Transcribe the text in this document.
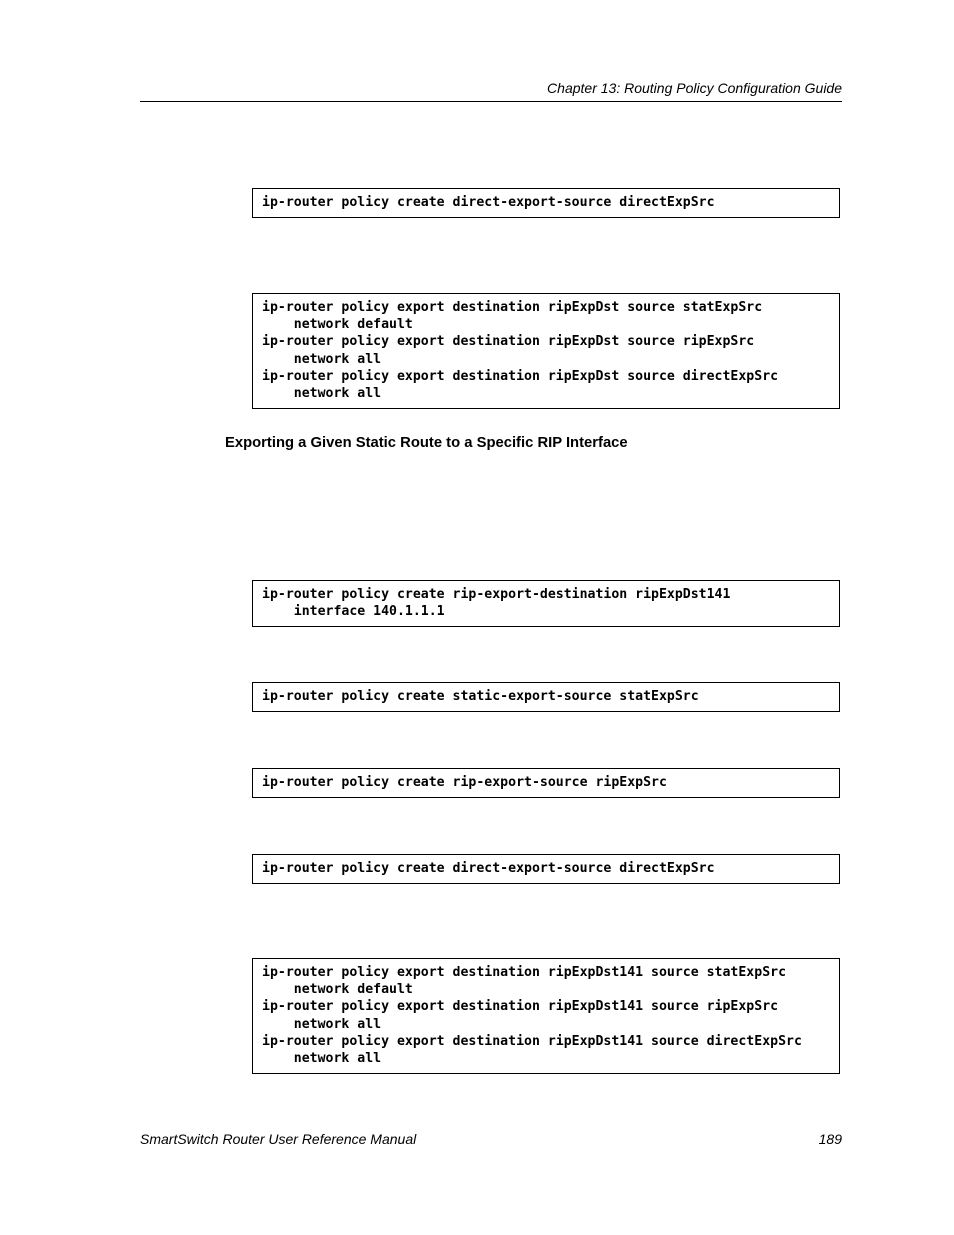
Chapter 13: Routing Policy Configuration Guide
ip-router policy create direct-export-source directExpSrc
ip-router policy export destination ripExpDst source statExpSrc
network default
ip-router policy export destination ripExpDst source ripExpSrc
network all
ip-router policy export destination ripExpDst source directExpSrc
network all
Exporting a Given Static Route to a Specific RIP Interface
ip-router policy create rip-export-destination ripExpDst141
interface 140.1.1.1
ip-router policy create static-export-source statExpSrc
ip-router policy create rip-export-source ripExpSrc
ip-router policy create direct-export-source directExpSrc
ip-router policy export destination ripExpDst141 source statExpSrc
network default
ip-router policy export destination ripExpDst141 source ripExpSrc
network all
ip-router policy export destination ripExpDst141 source directExpSrc
network all
SmartSwitch Router User Reference Manual	189
